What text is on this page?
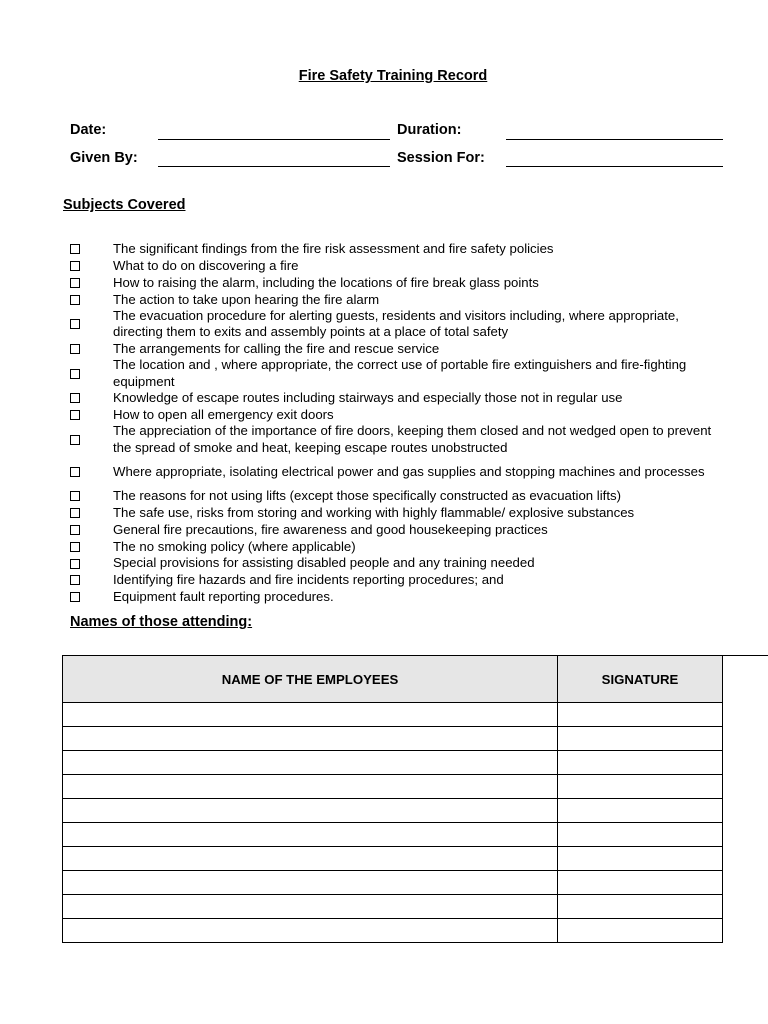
Fire Safety Training Record
Date:	Duration:
Given By:	Session For:
Subjects Covered
The significant findings from the fire risk assessment and fire safety policies
What to do on discovering a fire
How to raising the alarm, including the locations of fire break glass points
The action to take upon hearing the fire alarm
The evacuation procedure for alerting guests, residents and visitors including, where appropriate, directing them to exits and assembly points at a place of total safety
The arrangements for calling the fire and rescue service
The location and , where appropriate, the correct use of portable fire extinguishers and fire-fighting equipment
Knowledge of escape routes including stairways and especially those not in regular use
How to open all emergency exit doors
The appreciation of the importance of fire doors, keeping them closed and not wedged open to prevent the spread of smoke and heat, keeping escape routes unobstructed
Where appropriate, isolating electrical power and gas supplies and stopping machines and processes
The reasons for not using lifts (except those specifically constructed as evacuation lifts)
The safe use, risks from storing and working with highly flammable/ explosive substances
General fire precautions, fire awareness and good housekeeping practices
The no smoking policy (where applicable)
Special provisions for assisting disabled people and any training needed
Identifying fire hazards and fire incidents reporting procedures; and
Equipment fault reporting procedures.
Names of those attending:
NAME OF THE EMPLOYEES	SIGNATURE
